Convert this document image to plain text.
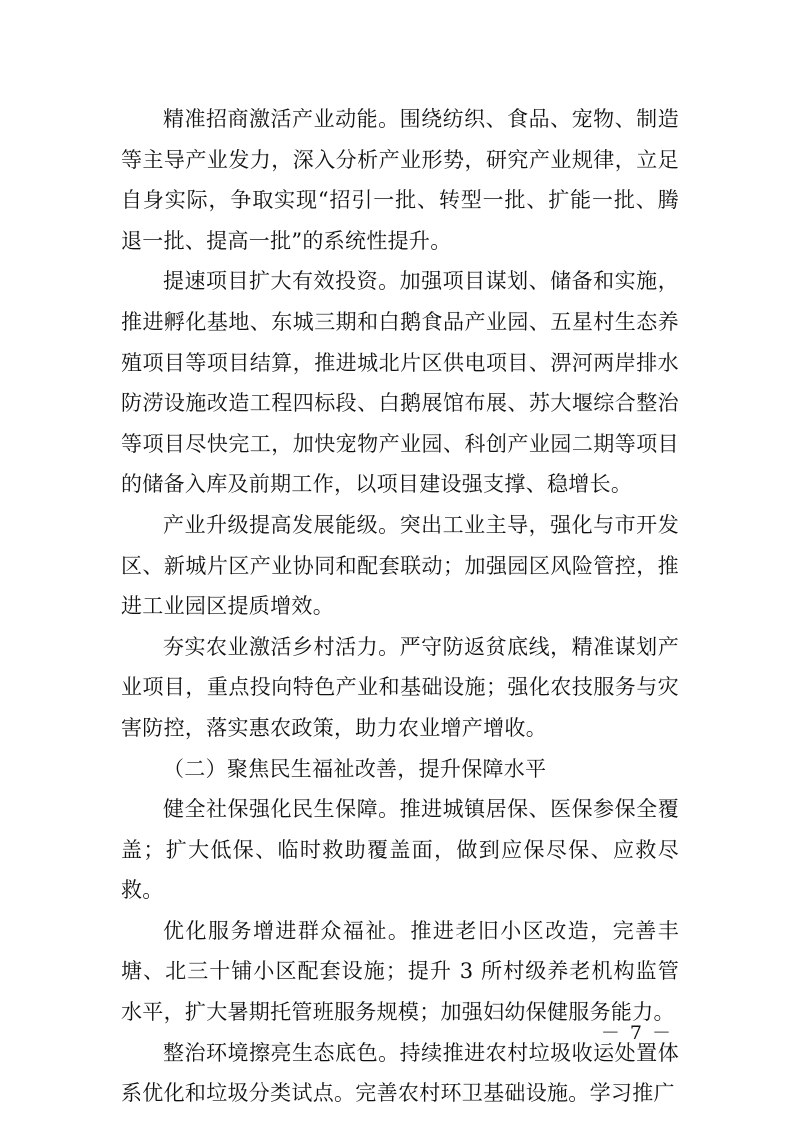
精准招商激活产业动能。围绕纺织、食品、宠物、制造等主导产业发力，深入分析产业形势，研究产业规律，立足自身实际，争取实现“招引一批、转型一批、扩能一批、腾退一批、提高一批”的系统性提升。

提速项目扩大有效投资。加强项目谋划、储备和实施，推进孵化基地、东城三期和白鹅食品产业园、五星村生态养殖项目等项目结算，推进城北片区供电项目、淠河两岸排水防涝设施改造工程四标段、白鹅展馆布展、苏大堰综合整治等项目尽快完工，加快宠物产业园、科创产业园二期等项目的储备入库及前期工作，以项目建设强支撑、稳增长。

产业升级提高发展能级。突出工业主导，强化与市开发区、新城片区产业协同和配套联动；加强园区风险管控，推进工业园区提质增效。

夯实农业激活乡村活力。严守防返贫底线，精准谋划产业项目，重点投向特色产业和基础设施；强化农技服务与灾害防控，落实惠农政策，助力农业增产增收。

（二）聚焦民生福祉改善，提升保障水平

健全社保强化民生保障。推进城镇居保、医保参保全覆盖；扩大低保、临时救助覆盖面，做到应保尽保、应救尽救。

优化服务增进群众福祉。推进老旧小区改造，完善丰塘、北三十铺小区配套设施；提升 3 所村级养老机构监管水平，扩大暑期托管班服务规模；加强妇幼保健服务能力。

整治环境擦亮生态底色。持续推进农村垃圾收运处置体系优化和垃圾分类试点。完善农村环卫基础设施。学习推广

－ 7 －
